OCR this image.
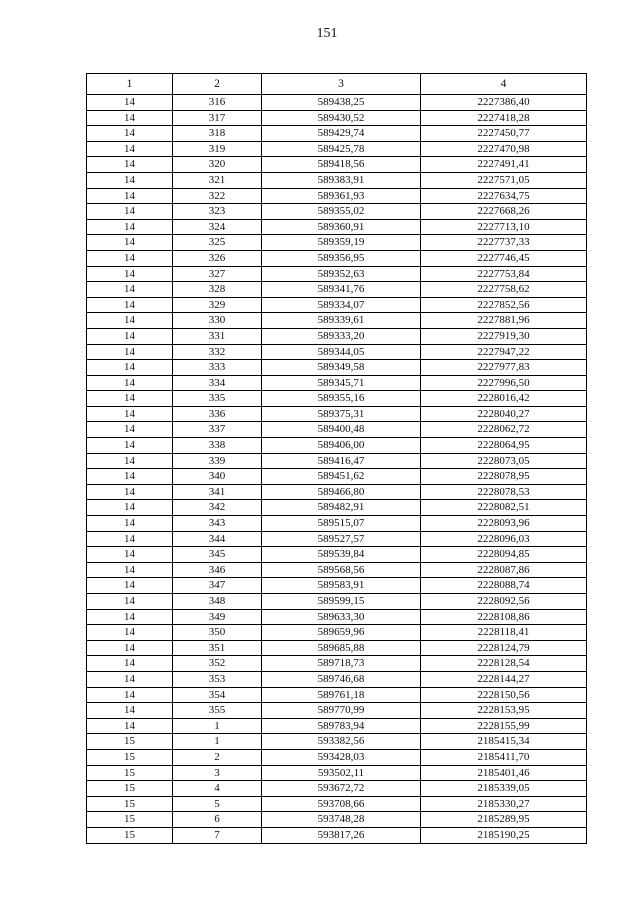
151
1	2	3	4
14	316	589438,25	2227386,40
14	317	589430,52	2227418,28
14	318	589429,74	2227450,77
14	319	589425,78	2227470,98
14	320	589418,56	2227491,41
14	321	589383,91	2227571,05
14	322	589361,93	2227634,75
14	323	589355,02	2227668,26
14	324	589360,91	2227713,10
14	325	589359,19	2227737,33
14	326	589356,95	2227746,45
14	327	589352,63	2227753,84
14	328	589341,76	2227758,62
14	329	589334,07	2227852,56
14	330	589339,61	2227881,96
14	331	589333,20	2227919,30
14	332	589344,05	2227947,22
14	333	589349,58	2227977,83
14	334	589345,71	2227996,50
14	335	589355,16	2228016,42
14	336	589375,31	2228040,27
14	337	589400,48	2228062,72
14	338	589406,00	2228064,95
14	339	589416,47	2228073,05
14	340	589451,62	2228078,95
14	341	589466,80	2228078,53
14	342	589482,91	2228082,51
14	343	589515,07	2228093,96
14	344	589527,57	2228096,03
14	345	589539,84	2228094,85
14	346	589568,56	2228087,86
14	347	589583,91	2228088,74
14	348	589599,15	2228092,56
14	349	589633,30	2228108,86
14	350	589659,96	2228118,41
14	351	589685,88	2228124,79
14	352	589718,73	2228128,54
14	353	589746,68	2228144,27
14	354	589761,18	2228150,56
14	355	589770,99	2228153,95
14	1	589783,94	2228155,99
15	1	593382,56	2185415,34
15	2	593428,03	2185411,70
15	3	593502,11	2185401,46
15	4	593672,72	2185339,05
15	5	593708,66	2185330,27
15	6	593748,28	2185289,95
15	7	593817,26	2185190,25
